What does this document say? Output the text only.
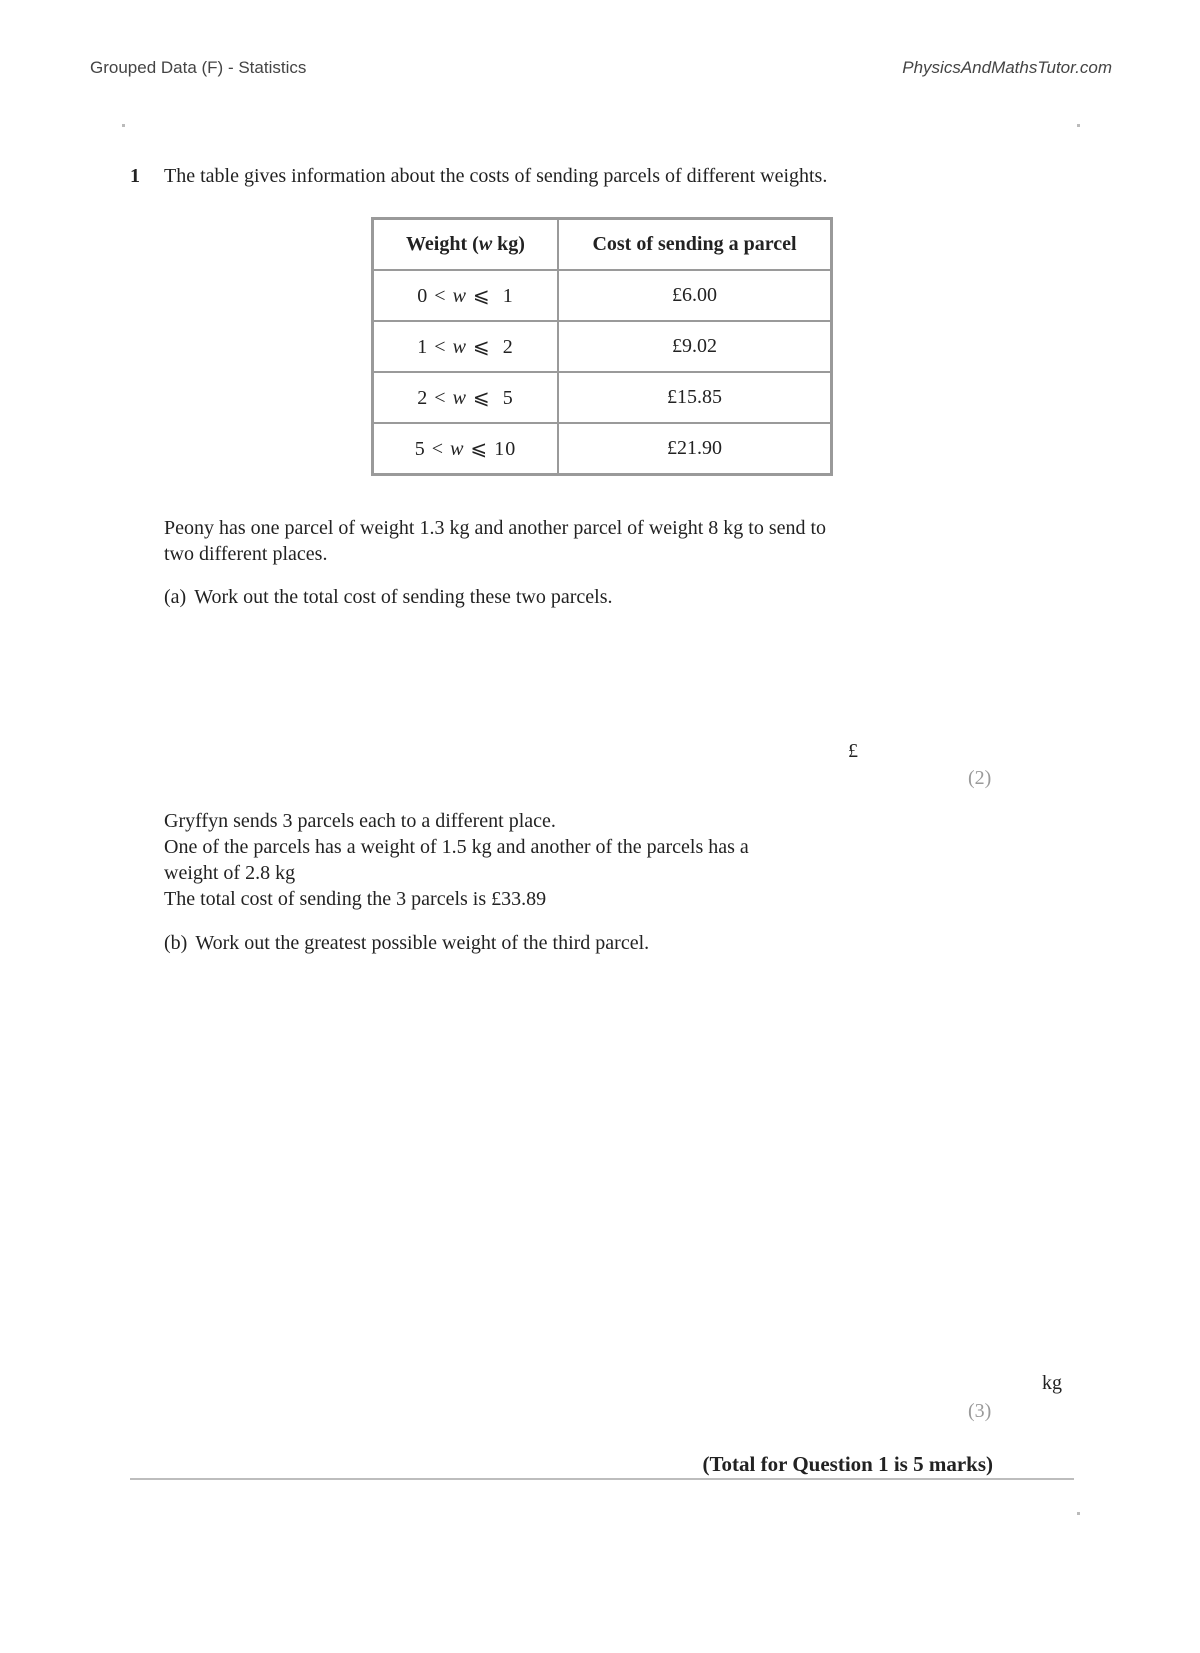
Grouped Data (F) - Statistics	PhysicsAndMathsTutor.com
1 The table gives information about the costs of sending parcels of different weights.
Weight (w kg)	Cost of sending a parcel
0 < w ⩽ 1	£6.00
1 < w ⩽ 2	£9.02
2 < w ⩽ 5	£15.85
5 < w ⩽ 10	£21.90
Peony has one parcel of weight 1.3 kg and another parcel of weight 8 kg to send to
two different places.
(a) Work out the total cost of sending these two parcels.
£
(2)
Gryffyn sends 3 parcels each to a different place.
One of the parcels has a weight of 1.5 kg and another of the parcels has a
weight of 2.8 kg
The total cost of sending the 3 parcels is £33.89
(b) Work out the greatest possible weight of the third parcel.
kg
(3)
(Total for Question 1 is 5 marks)
